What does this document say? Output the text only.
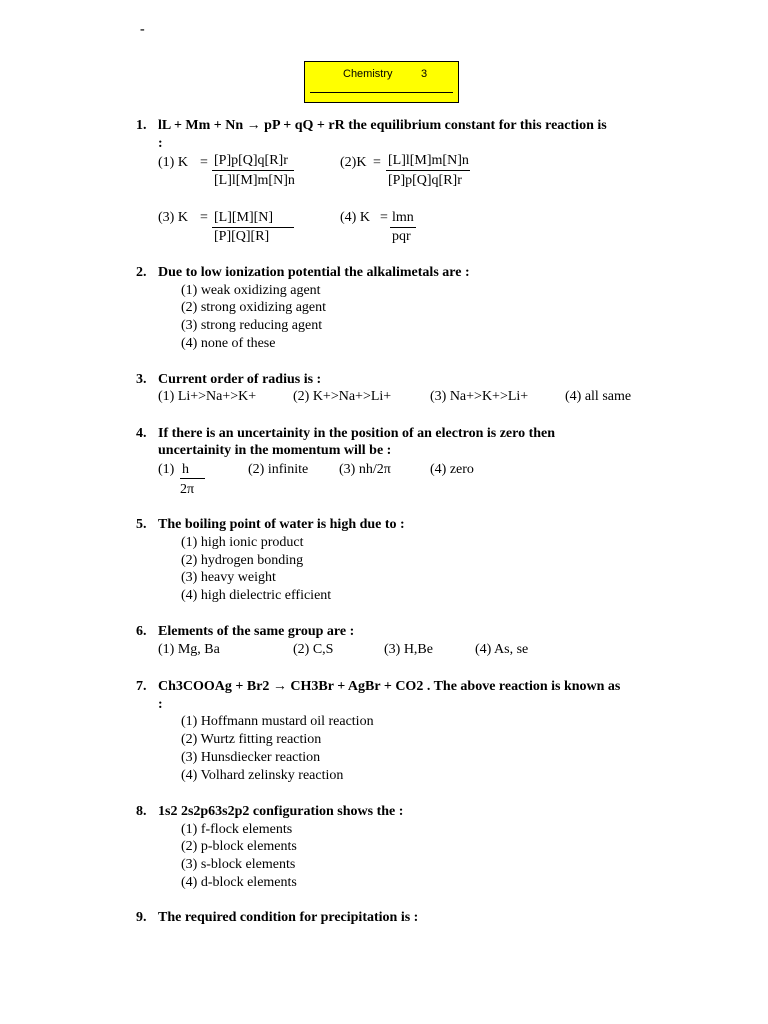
-
Chemistry	3
1. lL + Mm + Nn → pP + qQ + rR the equilibrium constant for this reaction is
:
(1) K = [P]p[Q]q[R]r
[L]l[M]m[N]n
(2)K = [L]l[M]m[N]n
[P]p[Q]q[R]r
(3) K = [L][M][N]
[P][Q][R]
(4) K = lmn
pqr
2. Due to low ionization potential the alkalimetals are :
(1) weak oxidizing agent
(2) strong oxidizing agent
(3) strong reducing agent
(4) none of these
3. Current order of radius is :
(1) Li+>Na+>K+	(2) K+>Na+>Li+	(3) Na+>K+>Li+	(4) all same
4. If there is an uncertainity in the position of an electron is zero then
uncertainity in the momentum will be :
(1) h
2π
(2) infinite (3) nh/2π	(4) zero
5. The boiling point of water is high due to :
(1) high ionic product
(2) hydrogen bonding
(3) heavy weight
(4) high dielectric efficient
6. Elements of the same group are :
(1) Mg, Ba	(2) C,S	(3) H,Be	(4) As, se
7. Ch3COOAg + Br2 → CH3Br + AgBr + CO2 . The above reaction is known as
:
(1) Hoffmann mustard oil reaction
(2) Wurtz fitting reaction
(3) Hunsdiecker reaction
(4) Volhard zelinsky reaction
8. 1s2 2s2p63s2p2 configuration shows the :
(1) f-flock elements
(2) p-block elements
(3) s-block elements
(4) d-block elements
9. The required condition for precipitation is :
